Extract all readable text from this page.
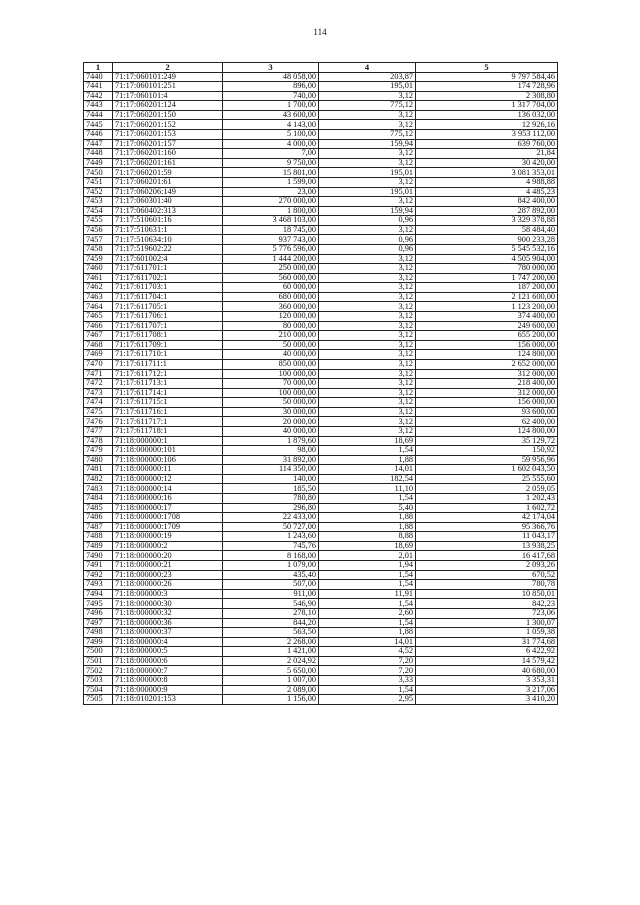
114
1	2	3	4	5
7440	71:17:060101:249	48 058,00	203,87	9 797 584,46
7441	71:17:060101:251	896,00	195,01	174 728,96
7442	71:17:060101:4	740,00	3,12	2 308,80
7443	71:17:060201:124	1 700,00	775,12	1 317 704,00
7444	71:17:060201:150	43 600,00	3,12	136 032,00
7445	71:17:060201:152	4 143,00	3,12	12 926,16
7446	71:17:060201:153	5 100,00	775,12	3 953 112,00
7447	71:17:060201:157	4 000,00	159,94	639 760,00
7448	71:17:060201:160	7,00	3,12	21,84
7449	71:17:060201:161	9 750,00	3,12	30 420,00
7450	71:17:060201:59	15 801,00	195,01	3 081 353,01
7451	71:17:060201:61	1 599,00	3,12	4 988,88
7452	71:17:060206:149	23,00	195,01	4 485,23
7453	71:17:060301:40	270 000,00	3,12	842 400,00
7454	71:17:060402:313	1 800,00	159,94	287 892,00
7455	71:17:510601:16	3 468 103,00	0,96	3 329 378,88
7456	71:17:510631:1	18 745,00	3,12	58 484,40
7457	71:17:510634:10	937 743,00	0,96	900 233,28
7458	71:17:519602:22	5 776 596,00	0,96	5 545 532,16
7459	71:17:601002:4	1 444 200,00	3,12	4 505 904,00
7460	71:17:611701:1	250 000,00	3,12	780 000,00
7461	71:17:611702:1	560 000,00	3,12	1 747 200,00
7462	71:17:611703:1	60 000,00	3,12	187 200,00
7463	71:17:611704:1	680 000,00	3,12	2 121 600,00
7464	71:17:611705:1	360 000,00	3,12	1 123 200,00
7465	71:17:611706:1	120 000,00	3,12	374 400,00
7466	71:17:611707:1	80 000,00	3,12	249 600,00
7467	71:17:611708:1	210 000,00	3,12	655 200,00
7468	71:17:611709:1	50 000,00	3,12	156 000,00
7469	71:17:611710:1	40 000,00	3,12	124 800,00
7470	71:17:611711:1	850 000,00	3,12	2 652 000,00
7471	71:17:611712:1	100 000,00	3,12	312 000,00
7472	71:17:611713:1	70 000,00	3,12	218 400,00
7473	71:17:611714:1	100 000,00	3,12	312 000,00
7474	71:17:611715:1	50 000,00	3,12	156 000,00
7475	71:17:611716:1	30 000,00	3,12	93 600,00
7476	71:17:611717:1	20 000,00	3,12	62 400,00
7477	71:17:611718:1	40 000,00	3,12	124 800,00
7478	71:18:000000:1	1 879,60	18,69	35 129,72
7479	71:18:000000:101	98,00	1,54	150,92
7480	71:18:000000:106	31 892,00	1,88	59 956,96
7481	71:18:000000:11	114 350,00	14,01	1 602 043,50
7482	71:18:000000:12	140,00	182,54	25 555,60
7483	71:18:000000:14	185,50	11,10	2 059,05
7484	71:18:000000:16	780,80	1,54	1 202,43
7485	71:18:000000:17	296,80	5,40	1 602,72
7486	71:18:000000:1708	22 433,00	1,88	42 174,04
7487	71:18:000000:1709	50 727,00	1,88	95 366,76
7488	71:18:000000:19	1 243,60	8,88	11 043,17
7489	71:18:000000:2	745,76	18,69	13 938,25
7490	71:18:000000:20	8 168,00	2,01	16 417,68
7491	71:18:000000:21	1 079,00	1,94	2 093,26
7492	71:18:000000:23	435,40	1,54	670,52
7493	71:18:000000:26	507,00	1,54	780,78
7494	71:18:000000:3	911,00	11,91	10 850,01
7495	71:18:000000:30	546,90	1,54	842,23
7496	71:18:000000:32	278,10	2,60	723,06
7497	71:18:000000:36	844,20	1,54	1 300,07
7498	71:18:000000:37	563,50	1,88	1 059,38
7499	71:18:000000:4	2 268,00	14,01	31 774,68
7500	71:18:000000:5	1 421,00	4,52	6 422,92
7501	71:18:000000:6	2 024,92	7,20	14 579,42
7502	71:18:000000:7	5 650,00	7,20	40 680,00
7503	71:18:000000:8	1 007,00	3,33	3 353,31
7504	71:18:000000:9	2 089,00	1,54	3 217,06
7505	71:18:010201:153	1 156,00	2,95	3 410,20
